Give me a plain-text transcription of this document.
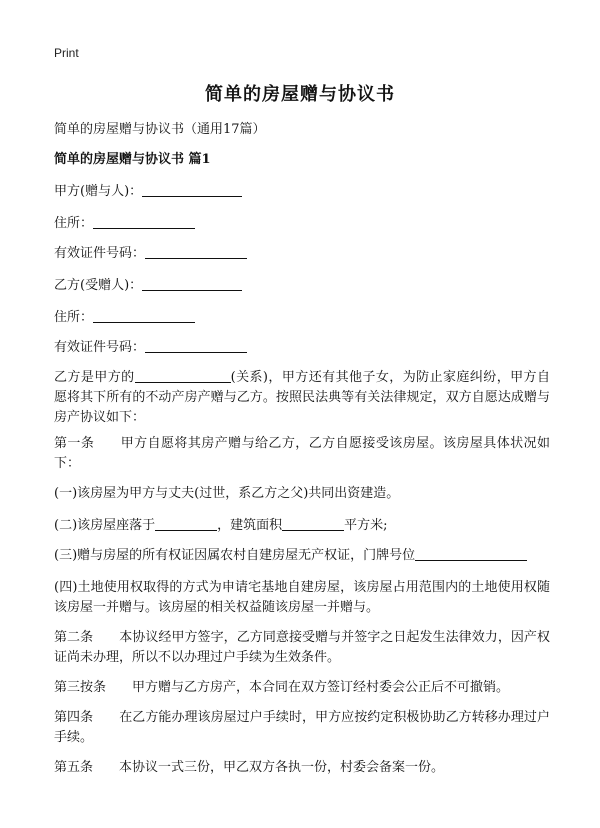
Print
简单的房屋赠与协议书
简单的房屋赠与协议书（通用17篇）
简单的房屋赠与协议书 篇1
甲方(赠与人)：
住所：
有效证件号码：
乙方(受赠人)：
住所：
有效证件号码：
乙方是甲方的	(关系)，甲方还有其他子女，为防止家庭纠纷，甲方自愿将其下所有的不动产房产赠与乙方。按照民法典等有关法律规定，双方自愿达成赠与房产协议如下：
第一条 甲方自愿将其房产赠与给乙方，乙方自愿接受该房屋。该房屋具体状况如下：
(一)该房屋为甲方与丈夫(过世，系乙方之父)共同出资建造。
(二)该房屋座落于	，建筑面积	平方米;
(三)赠与房屋的所有权证因属农村自建房屋无产权证，门牌号位
(四)土地使用权取得的方式为申请宅基地自建房屋，该房屋占用范围内的土地使用权随该房屋一并赠与。该房屋的相关权益随该房屋一并赠与。
第二条 本协议经甲方签字，乙方同意接受赠与并签字之日起发生法律效力，因产权证尚未办理，所以不以办理过户手续为生效条件。
第三按条 甲方赠与乙方房产，本合同在双方签订经村委会公正后不可撤销。
第四条 在乙方能办理该房屋过户手续时，甲方应按约定积极协助乙方转移办理过户手续。
第五条 本协议一式三份，甲乙双方各执一份，村委会备案一份。
